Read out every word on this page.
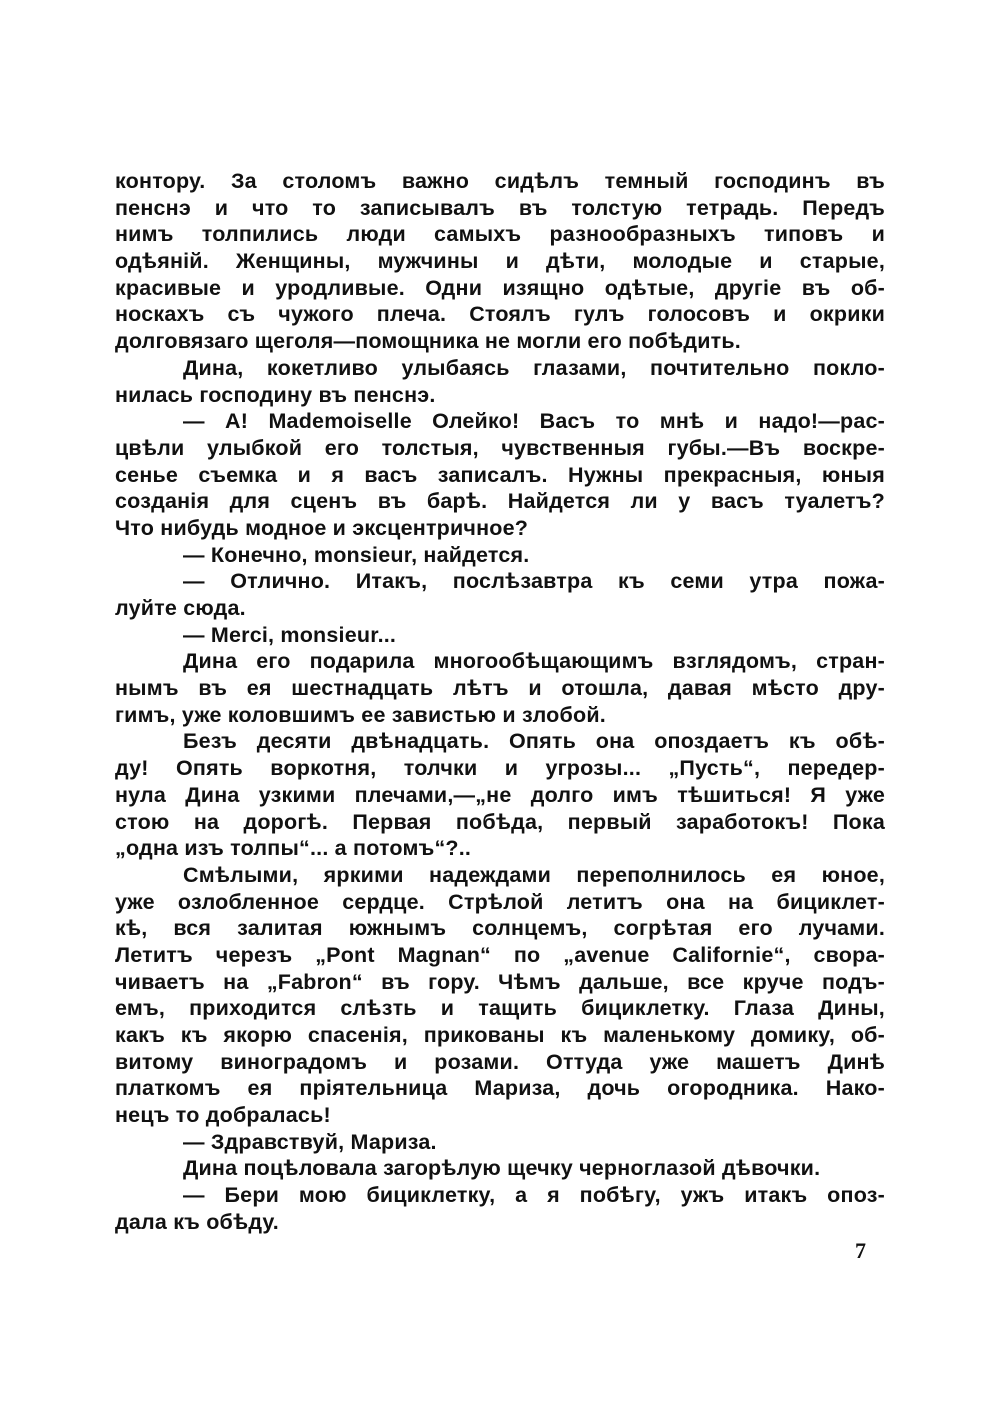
контору. За столомъ важно сидѣлъ темный господинъ въ
пенснэ и что то записывалъ въ толстую тетрадь. Передъ
нимъ толпились люди самыхъ разнообразныхъ типовъ и
одѣяній. Женщины, мужчины и дѣти, молодые и старые,
красивые и уродливые. Одни изящно одѣтые, другіе въ об-
носкахъ съ чужого плеча. Стоялъ гулъ голосовъ и окрики
долговязаго щеголя—помощника не могли его побѣдить.
Дина, кокетливо улыбаясь глазами, почтительно покло-
нилась господину въ пенснэ.
— А! Mademoiselle Олейко! Васъ то мнѣ и надо!—рас-
цвѣли улыбкой его толстыя, чувственныя губы.—Въ воскре-
сенье съемка и я васъ записалъ. Нужны прекрасныя, юныя
созданія для сценъ въ барѣ. Найдется ли у васъ туалетъ?
Что нибудь модное и эксцентричное?
— Конечно, monsieur, найдется.
— Отлично. Итакъ, послѣзавтра къ семи утра пожа-
луйте сюда.
— Merci, monsieur...
Дина его подарила многообѣщающимъ взглядомъ, стран-
нымъ въ ея шестнадцать лѣтъ и отошла, давая мѣсто дру-
гимъ, уже коловшимъ ее завистью и злобой.
Безъ десяти двѣнадцать. Опять она опоздаетъ къ обѣ-
ду! Опять воркотня, толчки и угрозы... „Пусть“, передер-
нула Дина узкими плечами,—„не долго имъ тѣшиться! Я уже
стою на дорогѣ. Первая побѣда, первый заработокъ! Пока
„одна изъ толпы“... а потомъ“?..
Смѣлыми, яркими надеждами переполнилось ея юное,
уже озлобленное сердце. Стрѣлой летитъ она на бициклет-
кѣ, вся залитая южнымъ солнцемъ, согрѣтая его лучами.
Летитъ черезъ „Pont Magnan“ по „avenue Californie“, свора-
чиваетъ на „Fabron“ въ гору. Чѣмъ дальше, все круче подъ-
емъ, приходится слѣзть и тащить бициклетку. Глаза Дины,
какъ къ якорю спасенія, прикованы къ маленькому домику, об-
витому виноградомъ и розами. Оттуда уже машетъ Динѣ
платкомъ ея пріятельница Мариза, дочь огородника. Нако-
нецъ то добралась!
— Здравствуй, Мариза.
Дина поцѣловала загорѣлую щечку черноглазой дѣвочки.
— Бери мою бициклетку, а я побѣгу, ужъ итакъ опоз-
дала къ обѣду.
7
